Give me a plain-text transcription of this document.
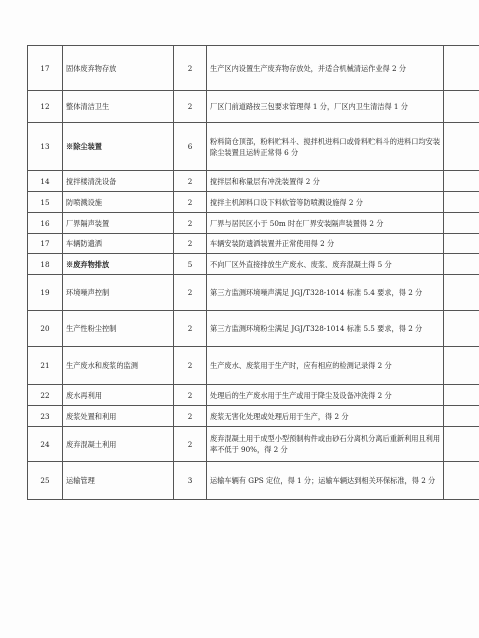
17	固体废弃物存放	2	生产区内设置生产废弃物存放处，并适合机械清运作业得 2 分	
12	整体清洁卫生	2	厂区门前道路按三包要求管理得 1 分，厂区内卫生清洁得 1 分	
13	※除尘装置	6	粉料筒仓顶部，粉料贮料斗、搅拌机进料口或骨料贮料斗的进料口均安装除尘装置且运转正常得 6 分	
14	搅拌楼清洗设备	2	搅拌层和称量层有冲洗装置得 2 分	
15	防喷溅设施	2	搅拌主机卸料口设下料软管等防喷溅设施得 2 分	
16	厂界隔声装置	2	厂界与居民区小于 50m 时在厂界安装隔声装置得 2 分	
17	车辆防遗洒	2	车辆安装防遗洒装置并正常使用得 2 分	
18	※废弃物排放	5	不向厂区外直接排放生产废水、废浆、废弃混凝土得 5 分	
19	环境噪声控制	2	第三方监测环境噪声满足 JGJ/T328-1014 标准 5.4 要求，得 2 分	
20	生产性粉尘控制	2	第三方监测环境粉尘满足 JGJ/T328-1014 标准 5.5 要求，得 2 分	
21	生产废水和废浆的监测	2	生产废水、废浆用于生产时，应有相应的检测记录得 2 分	
22	废水再利用	2	处理后的生产废水用于生产或用于降尘及设备冲洗得 2 分	
23	废浆处置和利用	2	废浆无害化处理或处理后用于生产，得 2 分	
24	废弃混凝土利用	2	废弃混凝土用于成型小型预制构件或由砂石分离机分离后重新利用且利用率不低于 90%，得 2 分	
25	运输管理	3	运输车辆有 GPS 定位，得 1 分；运输车辆达到相关环保标准，得 2 分	
